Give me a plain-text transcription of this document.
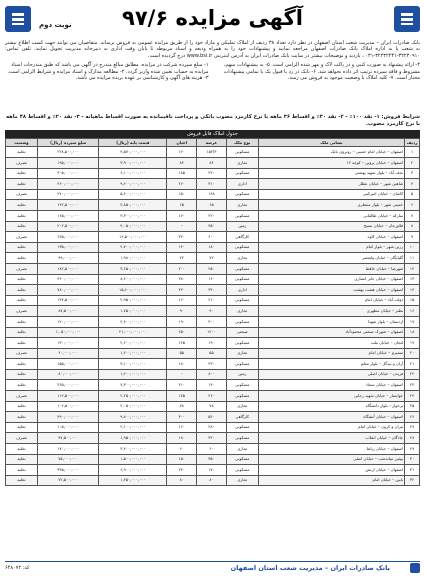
آگهی مزایده ۹۷/۶
نوبت دوم
بانک صادرات ایران – مدیریت شعب استان اصفهان در نظر دارد تعداد ۳۸ ردیف از املاک تملیکی و مازاد خود را از طریق مزایده عمومی به فروش برساند. متقاضیان می توانند جهت کسب اطلاع بیشتر به شعب یا به اداره املاک بانک صادرات اصفهان مراجعه نمایند و پیشنهادات خود را به همراه ودیعه و اسناد مربوطه تا پایان وقت اداری به دبیرخانه مدیریت تحویل نمایند. تلفن تماس: ۳۲۲۳۰۹۱۰-۳۲۲۳۲۴۳۱-۰۳۱ ، بازدید و توضیحات بیشتر در سایت بانک صادرات ایران به آدرس اینترنتی www.bsi.ir درج گردیده است.
۴- ارائه پیشنهاد به صورت کتبی و در پاکت لاک و مهر شده الزامی است. ۵- به پیشنهادات مبهم، مشروط و فاقد سپرده ترتیب اثر داده نخواهد شد. ۶- بانک در رد یا قبول یک یا تمامی پیشنهادات مختار است. ۷- کلیه املاک با وضعیت موجود به فروش می رسد.
۱- مبلغ سپرده شرکت در مزایده، مطابق مبالغ مندرج در آگهی می باشد که طبق مندرجات اسناد مزایده به حساب تعیین شده واریز گردد. ۲- مطالعه مدارک و اسناد مزایده و شرایط الزامی است. ۳- هزینه های آگهی و کارشناسی بر عهده برنده مزایده می باشد.
شرایط فروش: ۱- نقد ۱۰۰٪ - ۲- نقد ۳۰٪ و اقساط ۳۶ ماهه با نرخ کارمزد مصوب بانکی و پرداخت باقیمانده به صورت اقساط ماهیانه - ۳- نقد ۲۰٪ و اقساط ۴۸ ماهه با نرخ کارمزد مصوب.
جدول املاک قابل فروش
ردیف	نشانی ملک	نوع ملک	عرصه	اعیان	قیمت پایه (ریال)	مبلغ سپرده (ریال)	وضعیت
۱	اصفهان – خیابان امام خمینی – روبروی بانک	مسکونی	۱۵۲/۳	۱۲۰	۴,۵۷۰,۰۰۰,۰۰۰	۲۲۸,۵۰۰,۰۰۰	تخلیه
۲	اصفهان – خیابان پروین – کوچه ۱۲	تجاری	۸۴	۸۴	۳,۹۰۰,۰۰۰,۰۰۰	۱۹۵,۰۰۰,۰۰۰	تصرف
۳	نجف آباد – بلوار شهید بهشتی	مسکونی	۲۴۰	۱۸۵	۶,۱۰۰,۰۰۰,۰۰۰	۳۰۵,۰۰۰,۰۰۰	تخلیه
۴	شاهین شهر – خیابان عطار	اداری	۳۱۰	۲۶۰	۹,۲۰۰,۰۰۰,۰۰۰	۴۶۰,۰۰۰,۰۰۰	تخلیه
۵	کاشان – خیابان امیرکبیر	مسکونی	۱۹۸	۱۵۰	۵,۴۰۰,۰۰۰,۰۰۰	۲۷۰,۰۰۰,۰۰۰	تصرف
۶	خمینی شهر – بلوار منتظری	تجاری	۶۵	۶۵	۲,۸۵۰,۰۰۰,۰۰۰	۱۴۲,۵۰۰,۰۰۰	تخلیه
۷	مبارکه – خیابان طالقانی	مسکونی	۲۲۰	۱۷۰	۳,۳۰۰,۰۰۰,۰۰۰	۱۶۵,۰۰۰,۰۰۰	تخلیه
۸	فلاورجان – خیابان بسیج	زمین	۴۵۰	-	۴,۰۵۰,۰۰۰,۰۰۰	۲۰۲,۵۰۰,۰۰۰	تخلیه
۹	اصفهان – خیابان کاوه	کارگاهی	۶۰۰	۳۲۰	۱۲,۵۰۰,۰۰۰,۰۰۰	۶۲۵,۰۰۰,۰۰۰	تصرف
۱۰	زرین شهر – بلوار امام	مسکونی	۱۸۰	۱۴۰	۲,۷۰۰,۰۰۰,۰۰۰	۱۳۵,۰۰۰,۰۰۰	تخلیه
۱۱	گلپایگان – خیابان ولیعصر	تجاری	۷۲	۷۲	۱,۹۸۰,۰۰۰,۰۰۰	۹۹,۰۰۰,۰۰۰	تخلیه
۱۲	شهرضا – خیابان حافظ	مسکونی	۲۵۰	۲۰۰	۳,۶۵۰,۰۰۰,۰۰۰	۱۸۲,۵۰۰,۰۰۰	تصرف
۱۳	اصفهان – خیابان جابر انصاری	مسکونی	۱۶۰	۲۸۰	۸,۴۰۰,۰۰۰,۰۰۰	۴۲۰,۰۰۰,۰۰۰	تخلیه
۱۴	اصفهان – خیابان هشت بهشت	اداری	۳۴۰	۴۲۰	۱۵,۶۰۰,۰۰۰,۰۰۰	۷۸۰,۰۰۰,۰۰۰	تخلیه
۱۵	دولت آباد – خیابان امام	مسکونی	۲۱۰	۱۶۰	۲,۹۵۰,۰۰۰,۰۰۰	۱۴۷,۵۰۰,۰۰۰	تخلیه
۱۶	نطنز – خیابان مطهری	تجاری	۹۰	۹۰	۱,۷۵۰,۰۰۰,۰۰۰	۸۷,۵۰۰,۰۰۰	تصرف
۱۷	اردستان – بلوار شهدا	مسکونی	۳۰۰	۱۹۰	۲,۴۰۰,۰۰۰,۰۰۰	۱۲۰,۰۰۰,۰۰۰	تخلیه
۱۸	اصفهان – شهرک صنعتی محمودآباد	صنعتی	۱۲۰۰	۶۵۰	۲۱,۰۰۰,۰۰۰,۰۰۰	۱,۰۵۰,۰۰۰,۰۰۰	تخلیه
۱۹	لنجان – خیابان ملت	مسکونی	۱۹۰	۱۴۵	۲,۶۰۰,۰۰۰,۰۰۰	۱۳۰,۰۰۰,۰۰۰	تخلیه
۲۰	سمیرم – خیابان امام	تجاری	۵۵	۵۵	۱,۲۰۰,۰۰۰,۰۰۰	۶۰,۰۰۰,۰۰۰	تصرف
۲۱	آران و بیدگل – بلوار معلم	مسکونی	۲۳۰	۱۸۰	۳,۱۰۰,۰۰۰,۰۰۰	۱۵۵,۰۰۰,۰۰۰	تخلیه
۲۲	فریدن – خیابان اصلی	زمین	۸۰۰	-	۱,۶۰۰,۰۰۰,۰۰۰	۸۰,۰۰۰,۰۰۰	تخلیه
۲۳	اصفهان – خیابان سجاد	مسکونی	۱۴۰	۲۱۰	۷,۳۰۰,۰۰۰,۰۰۰	۳۶۵,۰۰۰,۰۰۰	تخلیه
۲۴	خوانسار – خیابان شهید رجایی	مسکونی	۲۶۰	۱۷۵	۲,۲۵۰,۰۰۰,۰۰۰	۱۱۲,۵۰۰,۰۰۰	تصرف
۲۵	برخوار – بلوار دانشگاه	تجاری	۷۸	۷۸	۲,۰۵۰,۰۰۰,۰۰۰	۱۰۲,۵۰۰,۰۰۰	تخلیه
۲۶	اصفهان – خیابان آتشگاه	کارگاهی	۵۲۰	۳۰۰	۹,۸۰۰,۰۰۰,۰۰۰	۴۹۰,۰۰۰,۰۰۰	تخلیه
۲۷	تیران و کرون – خیابان امام	مسکونی	۲۸۰	۱۶۰	۲,۱۰۰,۰۰۰,۰۰۰	۱۰۵,۰۰۰,۰۰۰	تخلیه
۲۸	چادگان – خیابان انقلاب	مسکونی	۳۲۰	۱۸۰	۱,۹۵۰,۰۰۰,۰۰۰	۹۷,۵۰۰,۰۰۰	تصرف
۲۹	اصفهان – خیابان رباط	تجاری	۶۰	۶۰	۳,۴۰۰,۰۰۰,۰۰۰	۱۷۰,۰۰۰,۰۰۰	تخلیه
۳۰	بوئین میاندشت – خیابان اصلی	مسکونی	۳۵۰	۱۵۰	۱,۵۰۰,۰۰۰,۰۰۰	۷۵,۰۰۰,۰۰۰	تخلیه
۳۱	اصفهان – خیابان ارتش	مسکونی	۱۷۰	۲۴۰	۶,۹۰۰,۰۰۰,۰۰۰	۳۴۵,۰۰۰,۰۰۰	تخلیه
۳۲	نایین – خیابان امام	تجاری	۸۰	۸۰	۱,۴۵۰,۰۰۰,۰۰۰	۷۲,۵۰۰,۰۰۰	تخلیه
بانک صادرات ایران – مدیریت شعب استان اصفهان
کد: ۶۴۸۰۷۲
